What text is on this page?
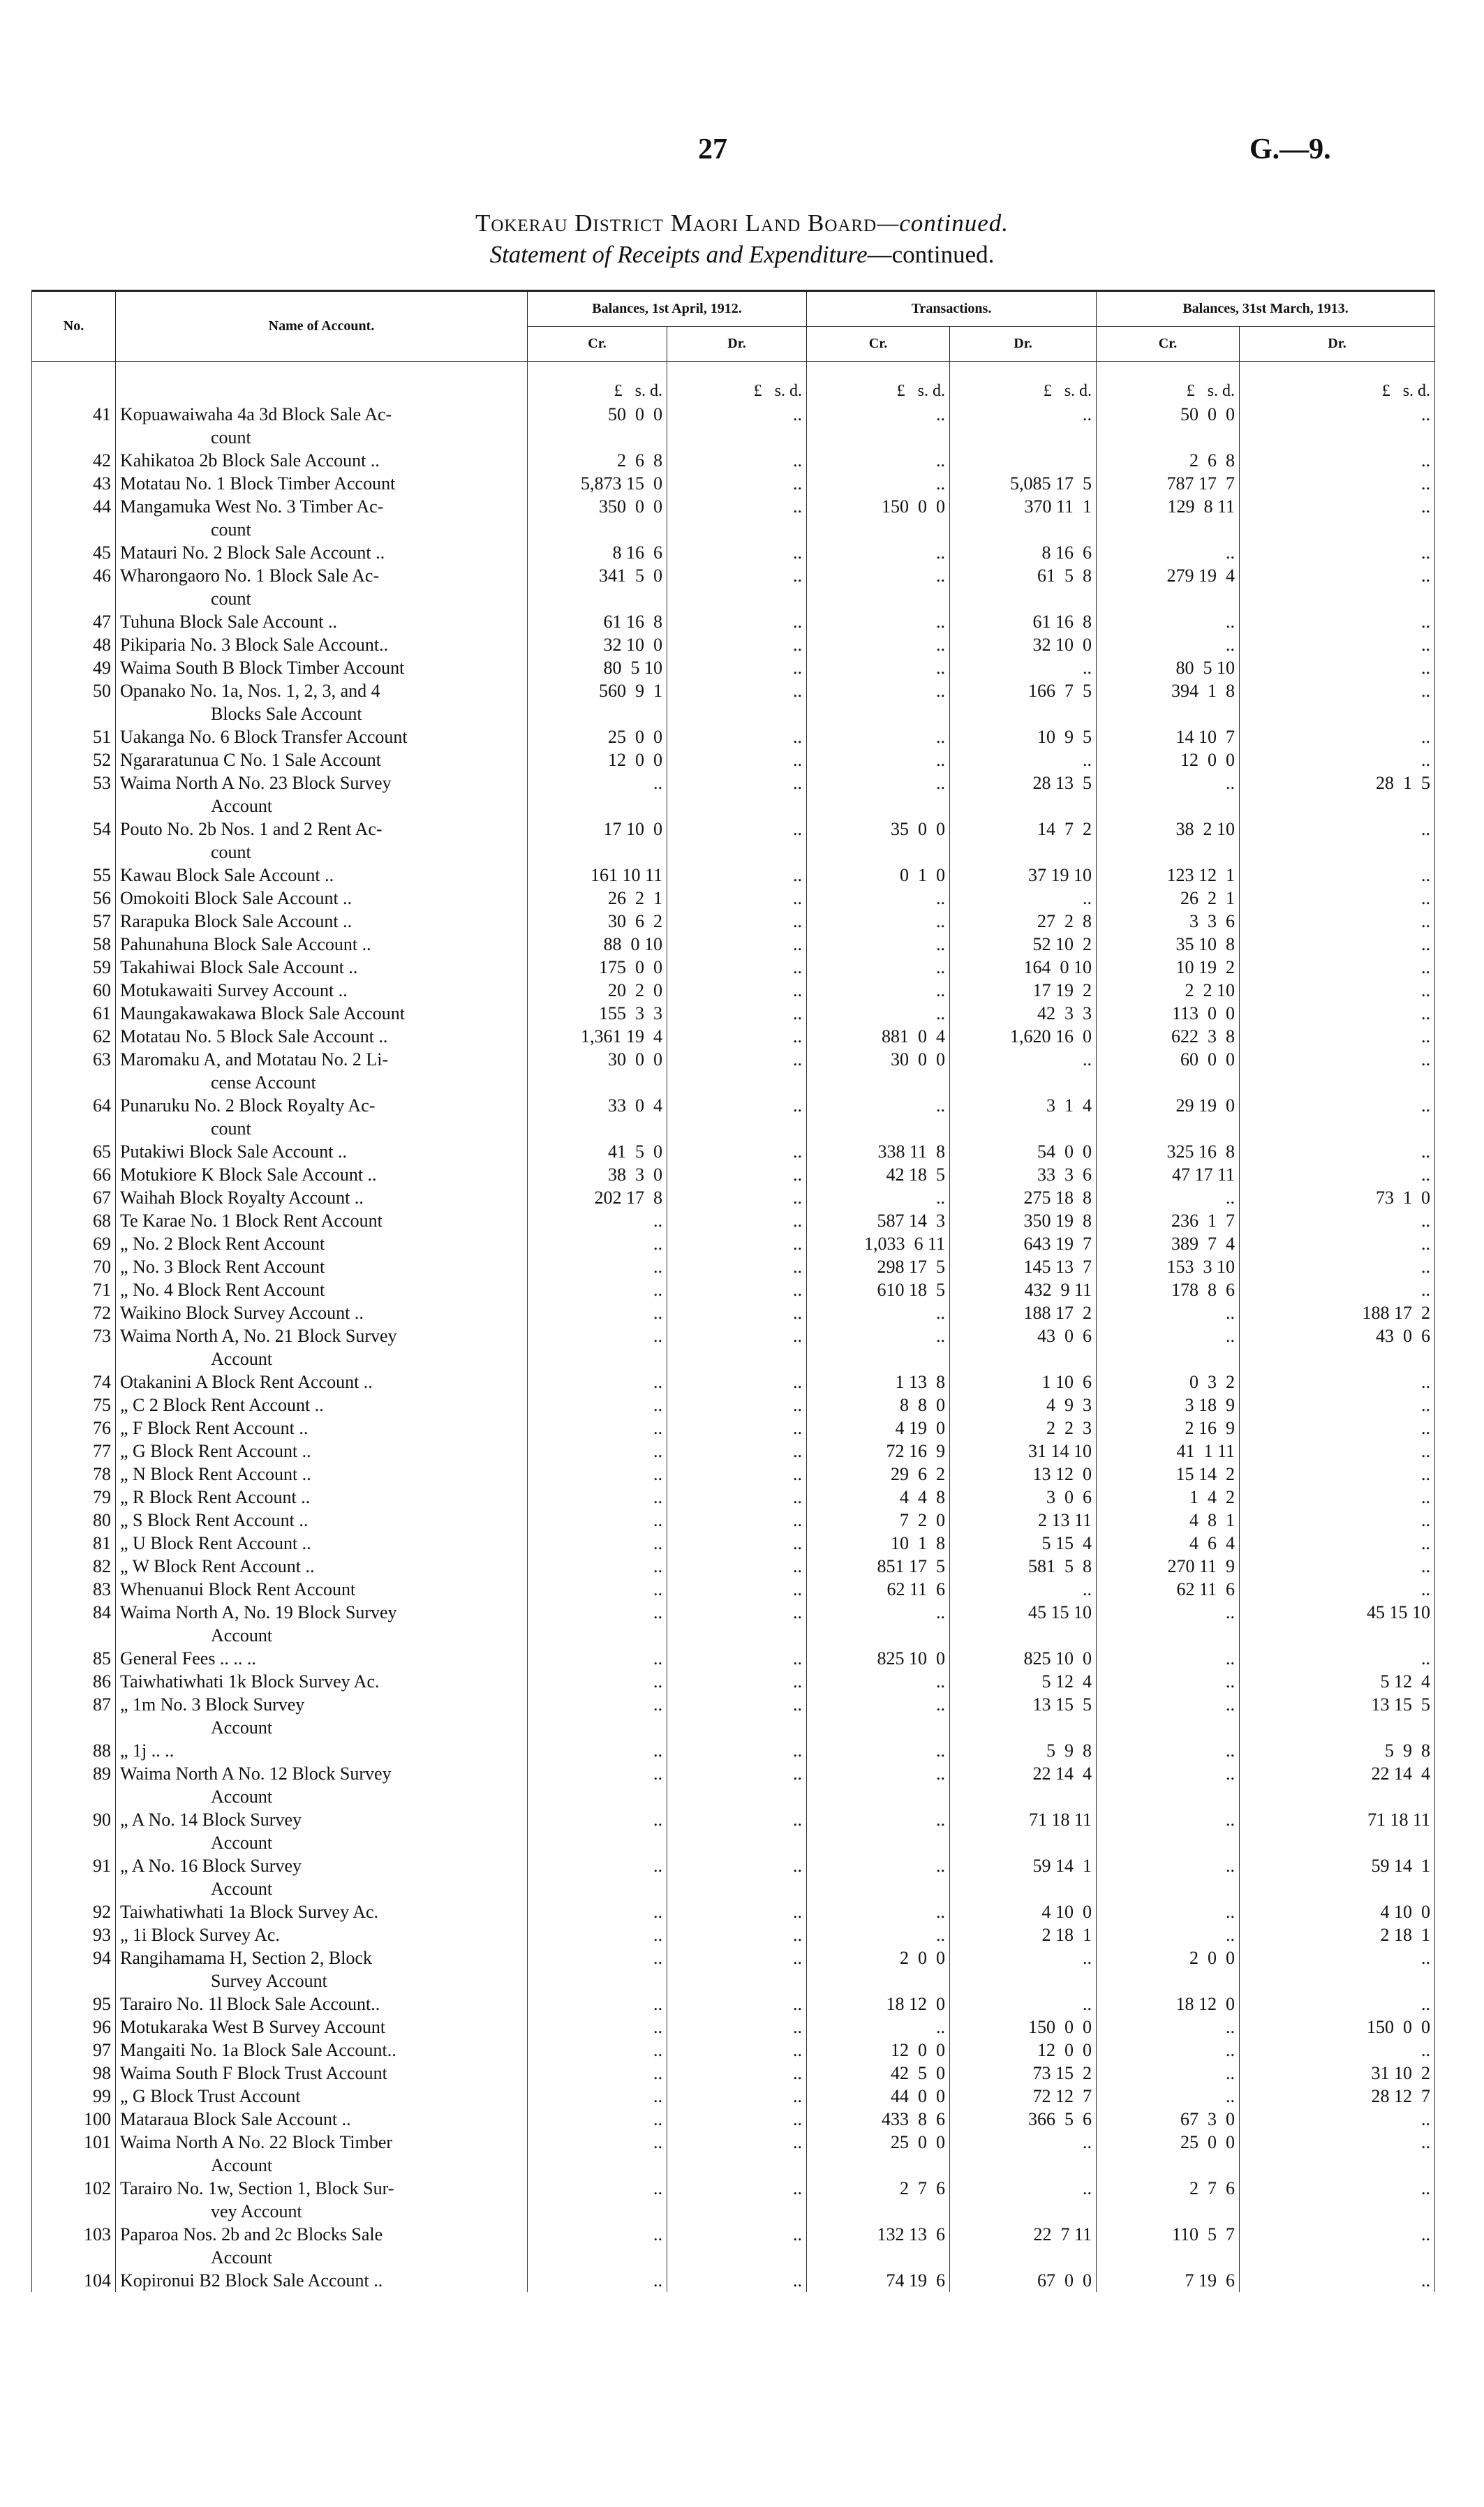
27	G.—9.
Tokerau District Maori Land Board—continued.
Statement of Receipts and Expenditure—continued.
No.	Name of Account.	Balances, 1st April, 1912.		Transactions.		Balances, 31st March, 1913.	
		Cr.	Dr.	Cr.	Dr.	Cr.	Dr.
		£   s. d.	£   s. d.	£   s. d.	£   s. d.	£   s. d.	£   s. d.
41	Kopuawaiwaha 4a 3d Block Sale Ac-
count	50  0  0	..	..	..	50  0  0	..
42	Kahikatoa 2b Block Sale Account ..	2  6  8	..	..		2  6  8	..
43	Motatau No. 1 Block Timber Account	5,873 15  0	..	..	5,085 17  5	787 17  7	..
44	Mangamuka West No. 3 Timber Ac-
count	350  0  0	..	150  0  0	370 11  1	129  8 11	..
45	Matauri No. 2 Block Sale Account ..	8 16  6	..	..	8 16  6	..	..
46	Wharongaoro No. 1 Block Sale Ac-
count	341  5  0	..	..	61  5  8	279 19  4	..
47	Tuhuna Block Sale Account ..	61 16  8	..	..	61 16  8	..	..
48	Pikiparia No. 3 Block Sale Account..	32 10  0	..	..	32 10  0	..	..
49	Waima South B Block Timber Account	80  5 10	..	..	..	80  5 10	..
50	Opanako No. 1a, Nos. 1, 2, 3, and 4
Blocks Sale Account	560  9  1	..	..	166  7  5	394  1  8	..
51	Uakanga No. 6 Block Transfer Account	25  0  0	..	..	10  9  5	14 10  7	..
52	Ngararatunua C No. 1 Sale Account	12  0  0	..	..	..	12  0  0	..
53	Waima North A No. 23 Block Survey
Account	..	..	..	28 13  5	..	28  1  5
54	Pouto No. 2b Nos. 1 and 2 Rent Ac-
count	17 10  0	..	35  0  0	14  7  2	38  2 10	..
55	Kawau Block Sale Account ..	161 10 11	..	0  1  0	37 19 10	123 12  1	..
56	Omokoiti Block Sale Account ..	26  2  1	..	..	..	26  2  1	..
57	Rarapuka Block Sale Account ..	30  6  2	..	..	27  2  8	3  3  6	..
58	Pahunahuna Block Sale Account ..	88  0 10	..	..	52 10  2	35 10  8	..
59	Takahiwai Block Sale Account ..	175  0  0	..	..	164  0 10	10 19  2	..
60	Motukawaiti Survey Account ..	20  2  0	..	..	17 19  2	2  2 10	..
61	Maungakawakawa Block Sale Account	155  3  3	..	..	42  3  3	113  0  0	..
62	Motatau No. 5 Block Sale Account ..	1,361 19  4	..	881  0  4	1,620 16  0	622  3  8	..
63	Maromaku A, and Motatau No. 2 Li-
cense Account	30  0  0	..	30  0  0	..	60  0  0	..
64	Punaruku No. 2 Block Royalty Ac-
count	33  0  4	..	..	3  1  4	29 19  0	..
65	Putakiwi Block Sale Account ..	41  5  0	..	338 11  8	54  0  0	325 16  8	..
66	Motukiore K Block Sale Account ..	38  3  0	..	42 18  5	33  3  6	47 17 11	..
67	Waihah Block Royalty Account ..	202 17  8	..	..	275 18  8	..	73  1  0
68	Te Karae No. 1 Block Rent Account	..	..	587 14  3	350 19  8	236  1  7	..
69	„ No. 2 Block Rent Account	..	..	1,033  6 11	643 19  7	389  7  4	..
70	„ No. 3 Block Rent Account	..	..	298 17  5	145 13  7	153  3 10	..
71	„ No. 4 Block Rent Account	..	..	610 18  5	432  9 11	178  8  6	..
72	Waikino Block Survey Account ..	..	..	..	188 17  2	..	188 17  2
73	Waima North A, No. 21 Block Survey
Account	..	..	..	43  0  6	..	43  0  6
74	Otakanini A Block Rent Account ..	..	..	1 13  8	1 10  6	0  3  2	..
75	„ C 2 Block Rent Account ..	..	..	8  8  0	4  9  3	3 18  9	..
76	„ F Block Rent Account ..	..	..	4 19  0	2  2  3	2 16  9	..
77	„ G Block Rent Account ..	..	..	72 16  9	31 14 10	41  1 11	..
78	„ N Block Rent Account ..	..	..	29  6  2	13 12  0	15 14  2	..
79	„ R Block Rent Account ..	..	..	4  4  8	3  0  6	1  4  2	..
80	„ S Block Rent Account ..	..	..	7  2  0	2 13 11	4  8  1	..
81	„ U Block Rent Account ..	..	..	10  1  8	5 15  4	4  6  4	..
82	„ W Block Rent Account ..	..	..	851 17  5	581  5  8	270 11  9	..
83	Whenuanui Block Rent Account	..	..	62 11  6	..	62 11  6	..
84	Waima North A, No. 19 Block Survey
Account	..	..	..	45 15 10	..	45 15 10
85	General Fees .. .. ..	..	..	825 10  0	825 10  0	..	..
86	Taiwhatiwhati 1k Block Survey Ac.	..	..	..	5 12  4	..	5 12  4
87	„ 1m No. 3 Block Survey
Account	..	..	..	13 15  5	..	13 15  5
88	„ 1j .. ..	..	..	..	5  9  8	..	5  9  8
89	Waima North A No. 12 Block Survey
Account	..	..	..	22 14  4	..	22 14  4
90	„ A No. 14 Block Survey
Account	..	..	..	71 18 11	..	71 18 11
91	„ A No. 16 Block Survey
Account	..	..	..	59 14  1	..	59 14  1
92	Taiwhatiwhati 1a Block Survey Ac.	..	..	..	4 10  0	..	4 10  0
93	„ 1i Block Survey Ac.	..	..	..	2 18  1	..	2 18  1
94	Rangihamama H, Section 2, Block
Survey Account	..	..	2  0  0	..	2  0  0	..
95	Tarairo No. 1l Block Sale Account..	..	..	18 12  0	..	18 12  0	..
96	Motukaraka West B Survey Account	..	..	..	150  0  0	..	150  0  0
97	Mangaiti No. 1a Block Sale Account..	..	..	12  0  0	12  0  0	..	..
98	Waima South F Block Trust Account	..	..	42  5  0	73 15  2	..	31 10  2
99	„ G Block Trust Account	..	..	44  0  0	72 12  7	..	28 12  7
100	Mataraua Block Sale Account ..	..	..	433  8  6	366  5  6	67  3  0	..
101	Waima North A No. 22 Block Timber
Account	..	..	25  0  0	..	25  0  0	..
102	Tarairo No. 1w, Section 1, Block Sur-
vey Account	..	..	2  7  6	..	2  7  6	..
103	Paparoa Nos. 2b and 2c Blocks Sale
Account	..	..	132 13  6	22  7 11	110  5  7	..
104	Kopironui B2 Block Sale Account ..	..	..	74 19  6	67  0  0	7 19  6	..
